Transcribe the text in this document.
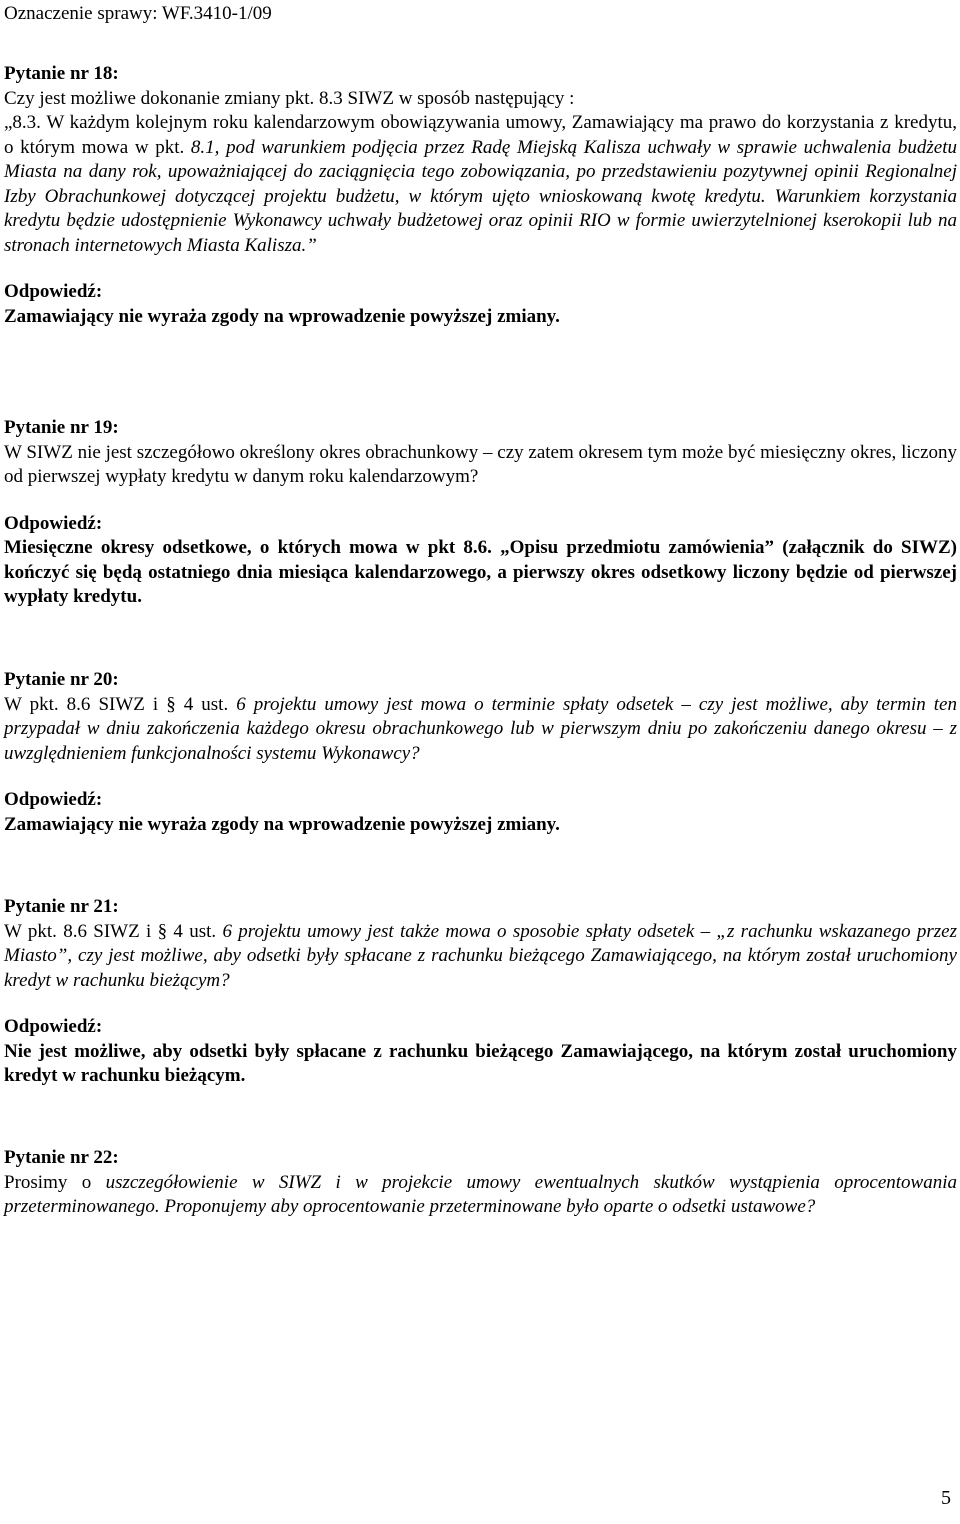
Oznaczenie sprawy: WF.3410-1/09
Pytanie nr 18:

Czy jest możliwe dokonanie zmiany pkt. 8.3 SIWZ w sposób następujący :

„8.3. W każdym kolejnym roku kalendarzowym obowiązywania umowy, Zamawiający ma prawo do korzystania z kredytu, o którym mowa w pkt. 8.1, pod warunkiem podjęcia przez Radę Miejską Kalisza uchwały w sprawie uchwalenia budżetu Miasta na dany rok, upoważniającej do zaciągnięcia tego zobowiązania, po przedstawieniu pozytywnej opinii Regionalnej Izby Obrachunkowej dotyczącej projektu budżetu, w którym ujęto wnioskowaną kwotę kredytu. Warunkiem korzystania kredytu będzie udostępnienie Wykonawcy uchwały budżetowej oraz opinii RIO w formie uwierzytelnionej kserokopii lub na stronach internetowych Miasta Kalisza.”

Odpowiedź:
Zamawiający nie wyraża zgody na wprowadzenie powyższej zmiany.
Pytanie nr 19:

W SIWZ nie jest szczegółowo określony okres obrachunkowy – czy zatem okresem tym może być miesięczny okres, liczony od pierwszej wypłaty kredytu w danym roku kalendarzowym?

Odpowiedź:
Miesięczne okresy odsetkowe, o których mowa w pkt 8.6. „Opisu przedmiotu zamówienia” (załącznik do SIWZ) kończyć się będą ostatniego dnia miesiąca kalendarzowego, a pierwszy okres odsetkowy liczony będzie od pierwszej wypłaty kredytu.
Pytanie nr 20:

W pkt. 8.6 SIWZ i § 4 ust. 6 projektu umowy jest mowa o terminie spłaty odsetek – czy jest możliwe, aby termin ten przypadał w dniu zakończenia każdego okresu obrachunkowego lub w pierwszym dniu po zakończeniu danego okresu – z uwzględnieniem funkcjonalności systemu Wykonawcy?

Odpowiedź:
Zamawiający nie wyraża zgody na wprowadzenie powyższej zmiany.
Pytanie nr 21:

W pkt. 8.6 SIWZ i § 4 ust. 6 projektu umowy jest także mowa o sposobie spłaty odsetek – „z rachunku wskazanego przez Miasto”, czy jest możliwe, aby odsetki były spłacane z rachunku bieżącego Zamawiającego, na którym został uruchomiony kredyt w rachunku bieżącym?

Odpowiedź:
Nie jest możliwe, aby odsetki były spłacane z rachunku bieżącego Zamawiającego, na którym został uruchomiony kredyt w rachunku bieżącym.
Pytanie nr 22:

Prosimy o uszczegółowienie w SIWZ i w projekcie umowy ewentualnych skutków wystąpienia oprocentowania przeterminowanego. Proponujemy aby oprocentowanie przeterminowane było oparte o odsetki ustawowe?

5
